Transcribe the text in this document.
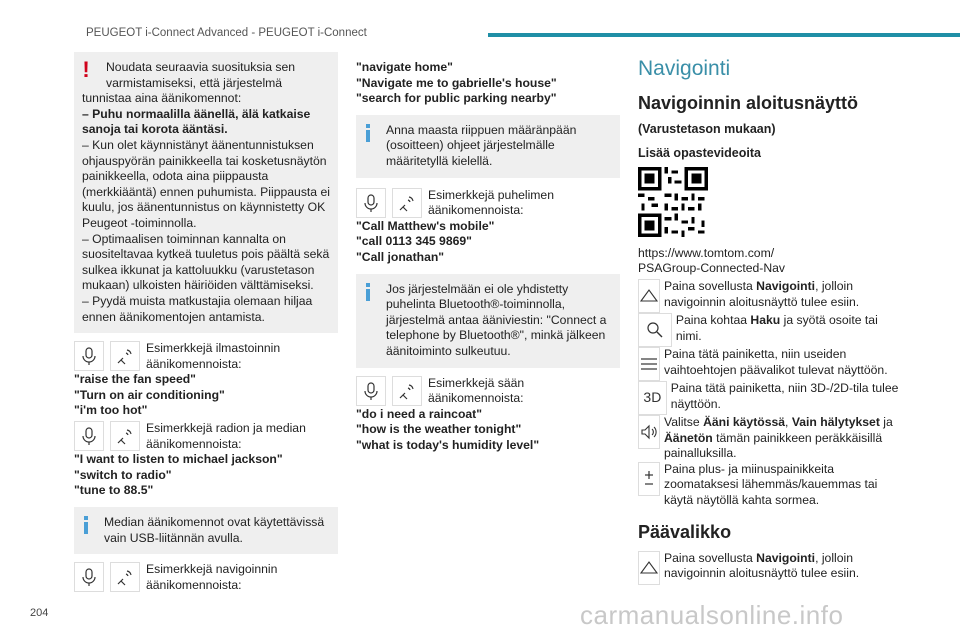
PEUGEOT i-Connect Advanced - PEUGEOT i-Connect
!	Noudata seuraavia suosituksia sen

varmistamiseksi, että järjestelmä

tunnistaa aina äänikomennot:

– Puhu normaalilla äänellä, älä katkaise sanoja tai korota ääntäsi.

– Kun olet käynnistänyt äänentunnistuksen ohjauspyörän painikkeella tai kosketusnäytön painikkeella, odota aina piippausta (merkkiääntä) ennen puhumista. Piippausta ei kuulu, jos äänentunnistus on käynnistetty OK Peugeot -toiminnolla.

– Optimaalisen toiminnan kannalta on suositeltavaa kytkeä tuuletus pois päältä sekä sulkea ikkunat ja kattoluukku (varustetason mukaan) ulkoisten häiriöiden välttämiseksi.

– Pyydä muista matkustajia olemaan hiljaa ennen äänikomentojen antamista.

Esimerkkejä ilmastoinnin äänikomennoista:

"raise the fan speed"

"Turn on air conditioning"

"i'm too hot"

Esimerkkejä radion ja median äänikomennoista:

"I want to listen to michael jackson"

"switch to radio"

"tune to 88.5"

Median äänikomennot ovat käytettävissä vain USB-liitännän avulla.

Esimerkkejä navigoinnin äänikomennoista:

"navigate home"

"Navigate me to gabrielle's house"

"search for public parking nearby"

Anna maasta riippuen määränpään (osoitteen) ohjeet järjestelmälle määritetyllä kielellä.

Esimerkkejä puhelimen äänikomennoista:

"Call Matthew's mobile"

"call 0113 345 9869"

"Call jonathan"

Jos järjestelmään ei ole yhdistetty puhelinta Bluetooth®-toiminnolla, järjestelmä antaa ääniviestin: "Connect a telephone by Bluetooth®", minkä jälkeen äänitoiminto sulkeutuu.

Esimerkkejä sään äänikomennoista:

"do i need a raincoat"

"how is the weather tonight"

"what is today's humidity level"

Navigointi
Navigoinnin aloitusnäyttö

(Varustetason mukaan)

Lisää opastevideoita

https://www.tomtom.com/ PSAGroup-Connected-Nav

Paina sovellusta Navigointi, jolloin navigoinnin aloitusnäyttö tulee esiin.

Paina kohtaa Haku ja syötä osoite tai nimi.

Paina tätä painiketta, niin useiden vaihtoehtojen päävalikot tulevat näyttöön.

3D

Paina tätä painiketta, niin 3D-/2D-tila tulee näyttöön.

Valitse Ääni käytössä, Vain hälytykset ja Äänetön tämän painikkeen peräkkäisillä painalluksilla.

Paina plus- ja miinuspainikkeita zoomataksesi lähemmäs/kauemmas tai käytä näytöllä kahta sormea.

Päävalikko

Paina sovellusta Navigointi, jolloin navigoinnin aloitusnäyttö tulee esiin.

204	carmanualsonline.info
